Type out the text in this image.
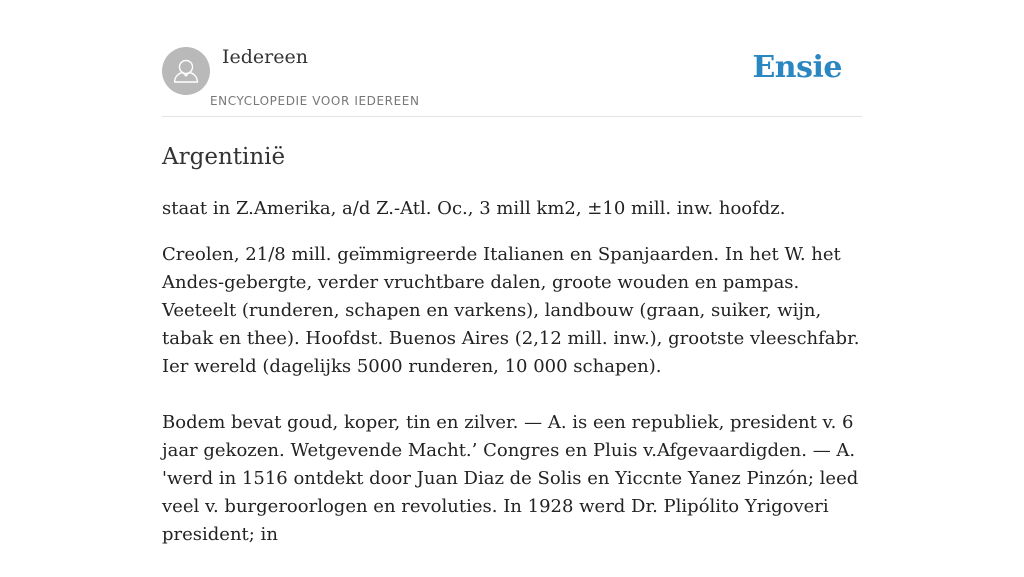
Iedereen
ENCYCLOPEDIE VOOR IEDEREEN
Ensie
Argentinië
staat in Z.Amerika, a/d Z.-Atl. Oc., 3 mill km2, ±10 mill. inw. hoofdz.

Creolen, 21/8 mill. geïmmigreerde Italianen en Spanjaarden. In het W. het Andes-gebergte, verder vruchtbare dalen, groote wouden en pampas. Veeteelt (runderen, schapen en varkens), landbouw (graan, suiker, wijn, tabak en thee). Hoofdst. Buenos Aires (2,12 mill. inw.), grootste vleeschfabr. Ier wereld (dagelijks 5000 runderen, 10 000 schapen).

Bodem bevat goud, koper, tin en zilver. — A. is een republiek, president v. 6 jaar gekozen. Wetgevende Macht.’ Congres en Pluis v.Afgevaardigden. — A. 'werd in 1516 ontdekt door Juan Diaz de Solis en Yiccnte Yanez Pinzón; leed veel v. burgeroorlogen en revoluties. In 1928 werd Dr. Plipólito Yrigoveri president; in
